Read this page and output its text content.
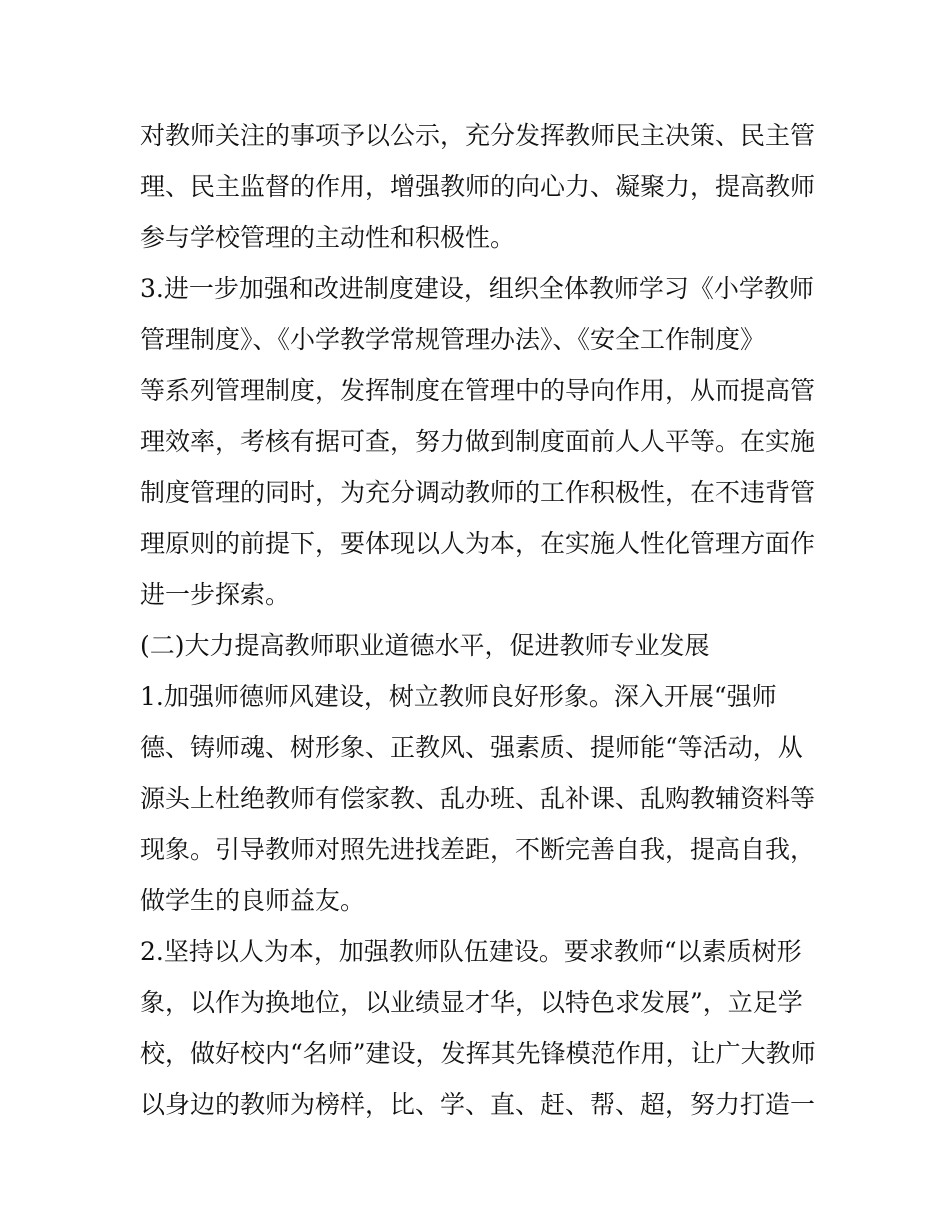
对教师关注的事项予以公示，充分发挥教师民主决策、民主管
理、民主监督的作用，增强教师的向心力、凝聚力，提高教师
参与学校管理的主动性和积极性。
3.进一步加强和改进制度建设，组织全体教师学习《小学教师
管理制度》、《小学教学常规管理办法》、《安全工作制度》
等系列管理制度，发挥制度在管理中的导向作用，从而提高管
理效率，考核有据可查，努力做到制度面前人人平等。在实施
制度管理的同时，为充分调动教师的工作积极性，在不违背管
理原则的前提下，要体现以人为本，在实施人性化管理方面作
进一步探索。
(二)大力提高教师职业道德水平，促进教师专业发展
1.加强师德师风建设，树立教师良好形象。深入开展“强师
德、铸师魂、树形象、正教风、强素质、提师能“等活动，从
源头上杜绝教师有偿家教、乱办班、乱补课、乱购教辅资料等
现象。引导教师对照先进找差距，不断完善自我，提高自我，
做学生的良师益友。
2.坚持以人为本，加强教师队伍建设。要求教师“以素质树形
象，以作为换地位，以业绩显才华，以特色求发展”，立足学
校，做好校内“名师”建设，发挥其先锋模范作用，让广大教师
以身边的教师为榜样，比、学、直、赶、帮、超，努力打造一
